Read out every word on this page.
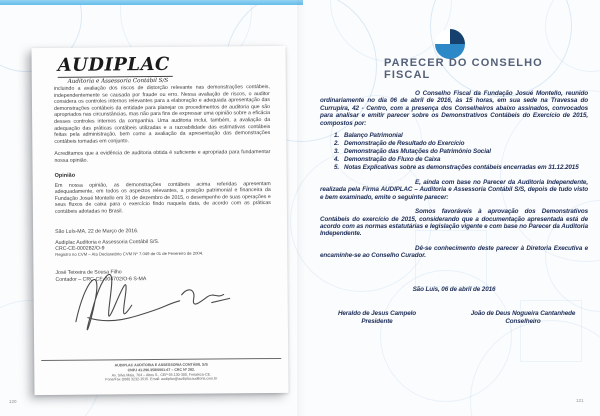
AUDIPLAC
Auditoria e Assessoria Contábil S/S

incluindo a avaliação dos riscos de distorção relevante nas demonstrações contábeis, independentemente se causada por fraude ou erro. Nessa avaliação de riscos, o auditor considera os controles internos relevantes para a elaboração e adequada apresentação das demonstrações contábeis da entidade para planejar os procedimentos de auditoria que são apropriados nas circunstâncias, mas não para fins de expressar uma opinião sobre a eficácia desses controles internos da companhia. Uma auditoria inclui, também, a avaliação da adequação das práticas contábeis utilizadas e a razoabilidade das estimativas contábeis feitas pela administração, bem como a avaliação da apresentação das demonstrações contábeis tomadas em conjunto.

Acreditamos que a evidência de auditoria obtida é suficiente e apropriada para fundamentar nossa opinião.

Opinião

Em nossa opinião, as demonstrações contábeis acima referidas apresentam adequadamente, em todos os aspectos relevantes, a posição patrimonial e financeira da Fundação Josué Montello em 31 de dezembro de 2015, o desempenho de suas operações e seus fluxos de caixa para o exercício findo naquela data, de acordo com as práticas contábeis adotadas no Brasil.

São Luís-MA, 22 de Março de 2016.

Audiplac Auditoria e Assessoria Contábil S/S.

CRC-CE-000282/O-9

Registro no CVM – Ato Declaratório CVM Nº 7.049 de 01 de Fevereiro de 2004.

José Teixeira de Sousa Filho

Contador – CRC-CE-004702/O-6 S-MA

AUDIPLAC AUDITORIA E ASSESSORIA CONTÁBIL S/S
CNPJ 41.296.358/0001-67 – CRC Nº 282.
Av. Silva Maia, 764 – Altos S., CEP 65.130-300, Fortaleza-CE.
Fone/Fax (098) 3232-1515. Email: audiplac@audiplacauditoria.com.br
PARECER DO CONSELHO FISCAL

O Conselho Fiscal da Fundação Josué Montello, reunido ordinariamente no dia 06 de abril de 2016, às 15 horas, em sua sede na Travessa do Currupira, 42 - Centro, com a presença dos Conselheiros abaixo assinados, convocados para analisar e emitir parecer sobre os Demonstrativos Contábeis do Exercício de 2015, compostos por:

1. Balanço Patrimonial
2. Demonstração de Resultado do Exercício
3. Demonstração das Mutações do Patrimônio Social
4. Demonstração do Fluxo de Caixa
5. Notas Explicativas sobre as demonstrações contábeis encerradas em 31.12.2015

E, ainda com base no Parecer da Auditoria Independente, realizada pela Firma AUDIPLAC – Auditoria e Assessoria Contábil S/S, depois de tudo visto e bem examinado, emite o seguinte parecer:

Somos favoráveis à aprovação dos Demonstrativos Contábeis do exercício de 2015, considerando que a documentação apresentada está de acordo com as normas estatutárias e legislação vigente e com base no Parecer da Auditoria Independente.

Dê-se conhecimento deste parecer à Diretoria Executiva e encaminhe-se ao Conselho Curador.

São Luís, 06 de abril de 2016

Heraldo de Jesus Campelo
Presidente
João de Deus Nogueira Cantanhede
Conselheiro
120	121
